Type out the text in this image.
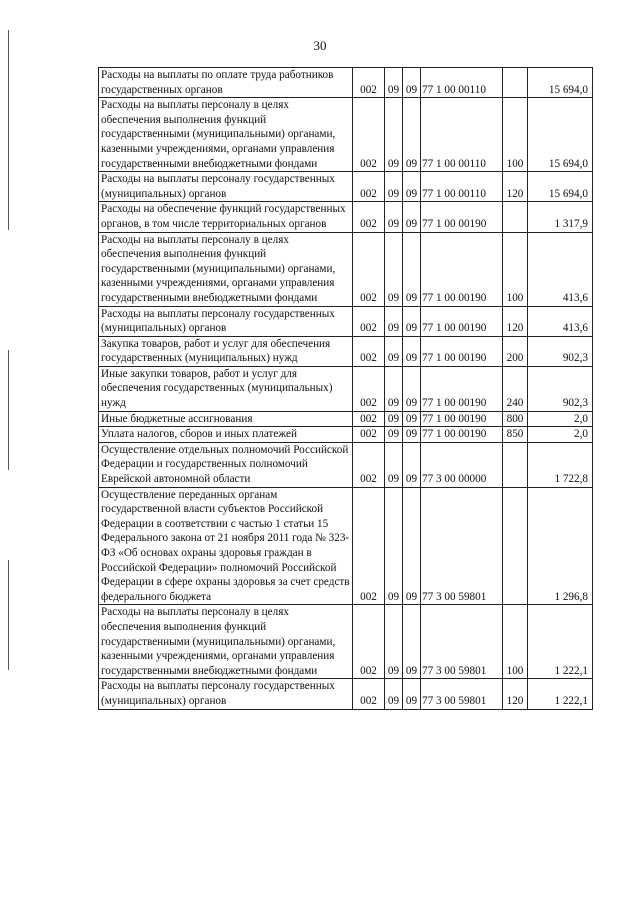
30
Расходы на выплаты по оплате труда работников государственных органов	002	09	09	77 1 00 00110		15 694,0
Расходы на выплаты персоналу в целях обеспечения выполнения функций государственными (муниципальными) органами, казенными учреждениями, органами управления государственными внебюджетными фондами	002	09	09	77 1 00 00110	100	15 694,0
Расходы на выплаты персоналу государственных (муниципальных) органов	002	09	09	77 1 00 00110	120	15 694,0
Расходы на обеспечение функций государственных органов, в том числе территориальных органов	002	09	09	77 1 00 00190		1 317,9
Расходы на выплаты персоналу в целях обеспечения выполнения функций государственными (муниципальными) органами, казенными учреждениями, органами управления государственными внебюджетными фондами	002	09	09	77 1 00 00190	100	413,6
Расходы на выплаты персоналу государственных (муниципальных) органов	002	09	09	77 1 00 00190	120	413,6
Закупка товаров, работ и услуг для обеспечения государственных (муниципальных) нужд	002	09	09	77 1 00 00190	200	902,3
Иные закупки товаров, работ и услуг для обеспечения государственных (муниципальных) нужд	002	09	09	77 1 00 00190	240	902,3
Иные бюджетные ассигнования	002	09	09	77 1 00 00190	800	2,0
Уплата налогов, сборов и иных платежей	002	09	09	77 1 00 00190	850	2,0
Осуществление отдельных полномочий Российской Федерации и государственных полномочий Еврейской автономной области	002	09	09	77 3 00 00000		1 722,8
Осуществление переданных органам государственной власти субъектов Российской Федерации в соответствии с частью 1 статьи 15 Федерального закона от 21 ноября 2011 года № 323-ФЗ «Об основах охраны здоровья граждан в Российской Федерации» полномочий Российской Федерации в сфере охраны здоровья за счет средств федерального бюджета	002	09	09	77 3 00 59801		1 296,8
Расходы на выплаты персоналу в целях обеспечения выполнения функций государственными (муниципальными) органами, казенными учреждениями, органами управления государственными внебюджетными фондами	002	09	09	77 3 00 59801	100	1 222,1
Расходы на выплаты персоналу государственных (муниципальных) органов	002	09	09	77 3 00 59801	120	1 222,1
